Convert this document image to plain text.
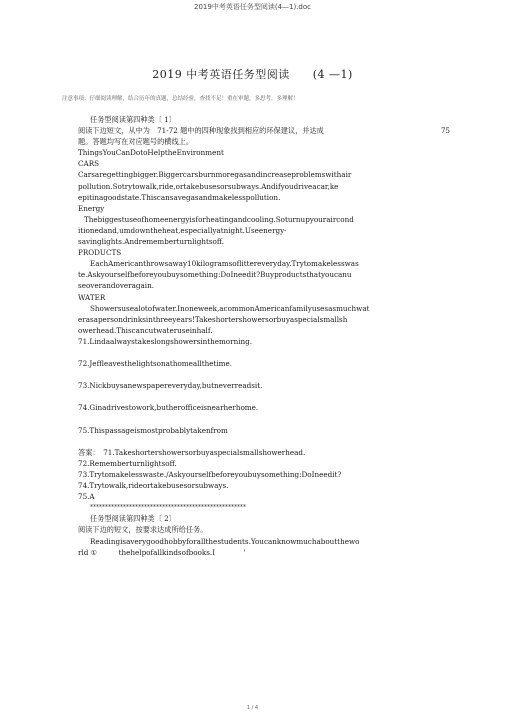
2019中考英语任务型阅读(4—1).doc
2019 中考英语任务型阅读　　(4 —1)
注意事项：仔细阅读理解，结合历年的真题，总结经验，查找不足！重在审题，多思考，多理解！
任务型阅读第四种类〔 1〕
阅读下边短文，从中为　71-72 题中的四种现象找到相应的环保建议，并达成	75
题。答题均写在对应题号的横线上。
ThingsYouCanDotoHelptheEnvironment
CARS
Carsaregettingbigger.Biggercarsburnmoregasandincreaseproblemswithair
pollution.Sotrytowalk,ride,ortakebusesorsubways.Andifyoudriveacar,ke
epitinagoodstate.Thiscansavegasandmakelesspollution.
Energy
Thebiggestuseofhomeenergyisforheatingandcooling.Soturnupyouraircond
itionedand,umdowntheheat,especiallyatnight.Useenergy-
savinglights.Andrememberturnlightsoff.
PRODUCTS
EachAmericanthrowsaway10kilogramsoflittereveryday.Trytomakelesswas
te.Askyourselfbeforeyoubuysomething:DoIneedit?Buyproductsthatyoucanu
seoverandoveragain.
WATER
Showersusealotofwater.Inoneweek,acommonAmericanfamilyusesasmuchwat
erasapersondrinksinthreeyears!Takeshortershowersorbuyaspecialsmallsh
owerhead.Thiscancutwateruseinhalf.
71.Lindaalwaystakeslongshowersinthemorning.
72.Jeffleavesthelightsonathomeallthetime.
73.Nickbuysanewspapereveryday,butneverreadsit.
74.Ginadrivestowork,butherofficeisnearherhome.
75.Thispassageismostprobablytakenfrom
答案：　71.Takeshortershowersorbuyaspecialsmallshowerhead.
72.Rememberturnlightsoff.
73.Trytomakelesswaste./Askyourselfbeforeyoubuysomething:DoIneedit?
74.Trytowalk,rideortakebusesorsubways.
75.A
****************************************************
任务型阅读第四种类〔 2〕
阅读下边的短文，按要求达成所给任务。
Readingisaverygoodhobbyforallthestudents.Youcanknowmuchaboutthewo
rld ①　　　thehelpofallkindsofbooks.I　　　　'
1 / 4
